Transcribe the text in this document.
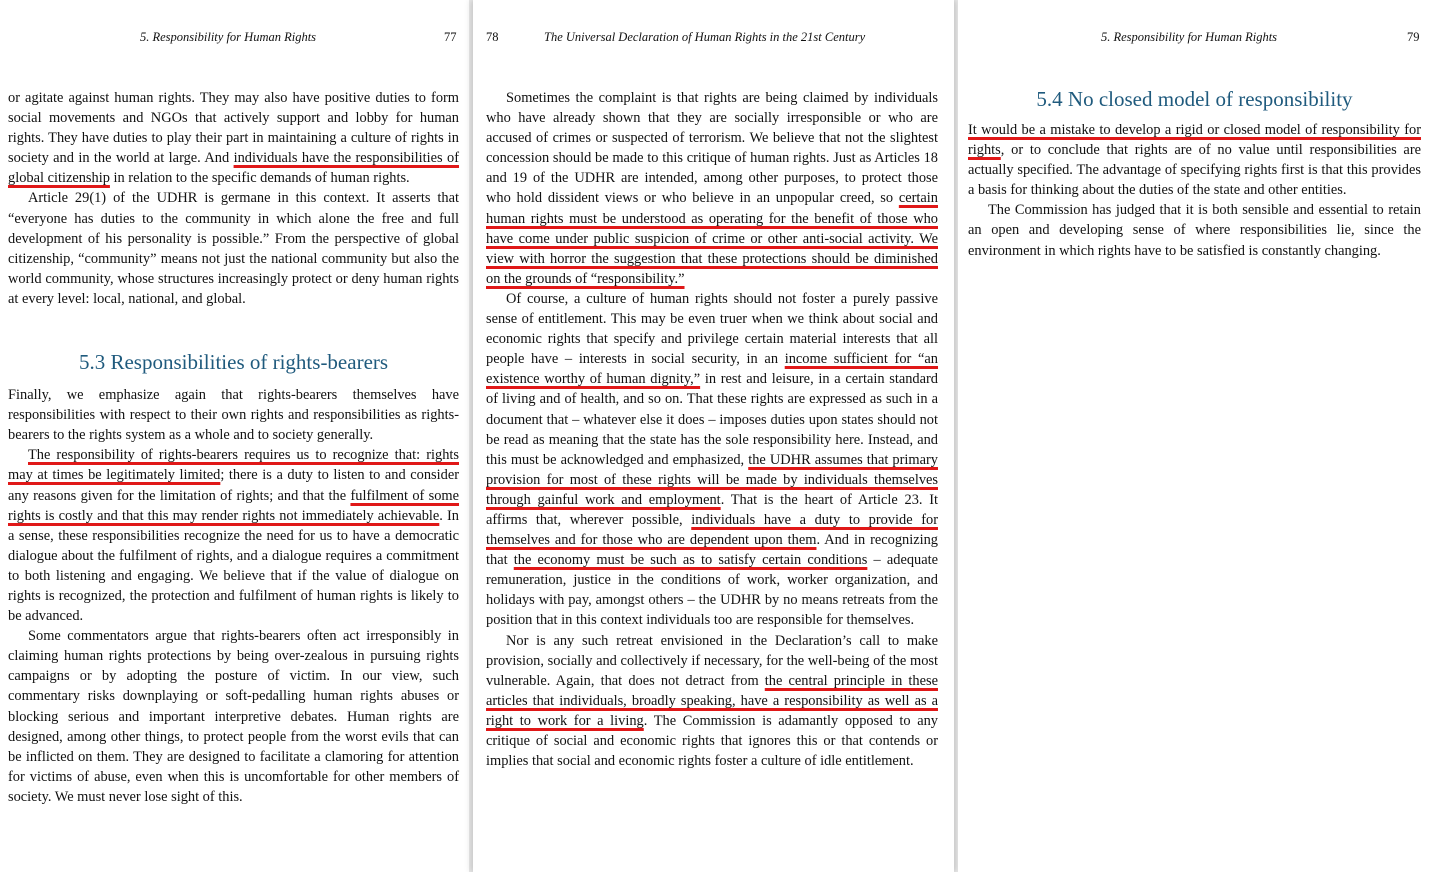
5. Responsibility for Human Rights	77

or agitate against human rights. They may also have positive duties to form social movements and NGOs that actively support and lobby for human rights. They have duties to play their part in maintaining a culture of rights in society and in the world at large. And individuals have the responsibilities of global citizenship in relation to the specific demands of human rights.

Article 29(1) of the UDHR is germane in this context. It asserts that “everyone has duties to the community in which alone the free and full development of his personality is possible.” From the perspective of global citizenship, “community” means not just the national community but also the world community, whose structures increasingly protect or deny human rights at every level: local, national, and global.

5.3 Responsibilities of rights-bearers

Finally, we emphasize again that rights-bearers themselves have responsibilities with respect to their own rights and responsibilities as rights-bearers to the rights system as a whole and to society generally.

The responsibility of rights-bearers requires us to recognize that: rights may at times be legitimately limited; there is a duty to listen to and consider any reasons given for the limitation of rights; and that the fulfilment of some rights is costly and that this may render rights not immediately achievable. In a sense, these responsibilities recognize the need for us to have a democratic dialogue about the fulfilment of rights, and a dialogue requires a commitment to both listening and engaging. We believe that if the value of dialogue on rights is recognized, the protection and fulfilment of human rights is likely to be advanced.

Some commentators argue that rights-bearers often act irresponsibly in claiming human rights protections by being over-zealous in pursuing rights campaigns or by adopting the posture of victim. In our view, such commentary risks downplaying or soft-pedalling human rights abuses or blocking serious and important interpretive debates. Human rights are designed, among other things, to protect people from the worst evils that can be inflicted on them. They are designed to facilitate a clamoring for attention for victims of abuse, even when this is uncomfortable for other members of society. We must never lose sight of this.

78	The Universal Declaration of Human Rights in the 21st Century

Sometimes the complaint is that rights are being claimed by individuals who have already shown that they are socially irresponsible or who are accused of crimes or suspected of terrorism. We believe that not the slightest concession should be made to this critique of human rights. Just as Articles 18 and 19 of the UDHR are intended, among other purposes, to protect those who hold dissident views or who believe in an unpopular creed, so certain human rights must be understood as operating for the benefit of those who have come under public suspicion of crime or other anti-social activity. We view with horror the suggestion that these protections should be diminished on the grounds of “responsibility.”

Of course, a culture of human rights should not foster a purely passive sense of entitlement. This may be even truer when we think about social and economic rights that specify and privilege certain material interests that all people have – interests in social security, in an income sufficient for “an existence worthy of human dignity,” in rest and leisure, in a certain standard of living and of health, and so on. That these rights are expressed as such in a document that – whatever else it does – imposes duties upon states should not be read as meaning that the state has the sole responsibility here. Instead, and this must be acknowledged and emphasized, the UDHR assumes that primary provision for most of these rights will be made by individuals themselves through gainful work and employment. That is the heart of Article 23. It affirms that, wherever possible, individuals have a duty to provide for themselves and for those who are dependent upon them. And in recognizing that the economy must be such as to satisfy certain conditions – adequate remuneration, justice in the conditions of work, worker organization, and holidays with pay, amongst others – the UDHR by no means retreats from the position that in this context individuals too are responsible for themselves.

Nor is any such retreat envisioned in the Declaration’s call to make provision, socially and collectively if necessary, for the well-being of the most vulnerable. Again, that does not detract from the central principle in these articles that individuals, broadly speaking, have a responsibility as well as a right to work for a living. The Commission is adamantly opposed to any critique of social and economic rights that ignores this or that contends or implies that social and economic rights foster a culture of idle entitlement.

5. Responsibility for Human Rights	79
5.4 No closed model of responsibility

It would be a mistake to develop a rigid or closed model of responsibility for rights, or to conclude that rights are of no value until responsibilities are actually specified. The advantage of specifying rights first is that this provides a basis for thinking about the duties of the state and other entities.

The Commission has judged that it is both sensible and essential to retain an open and developing sense of where responsibilities lie, since the environment in which rights have to be satisfied is constantly changing.
